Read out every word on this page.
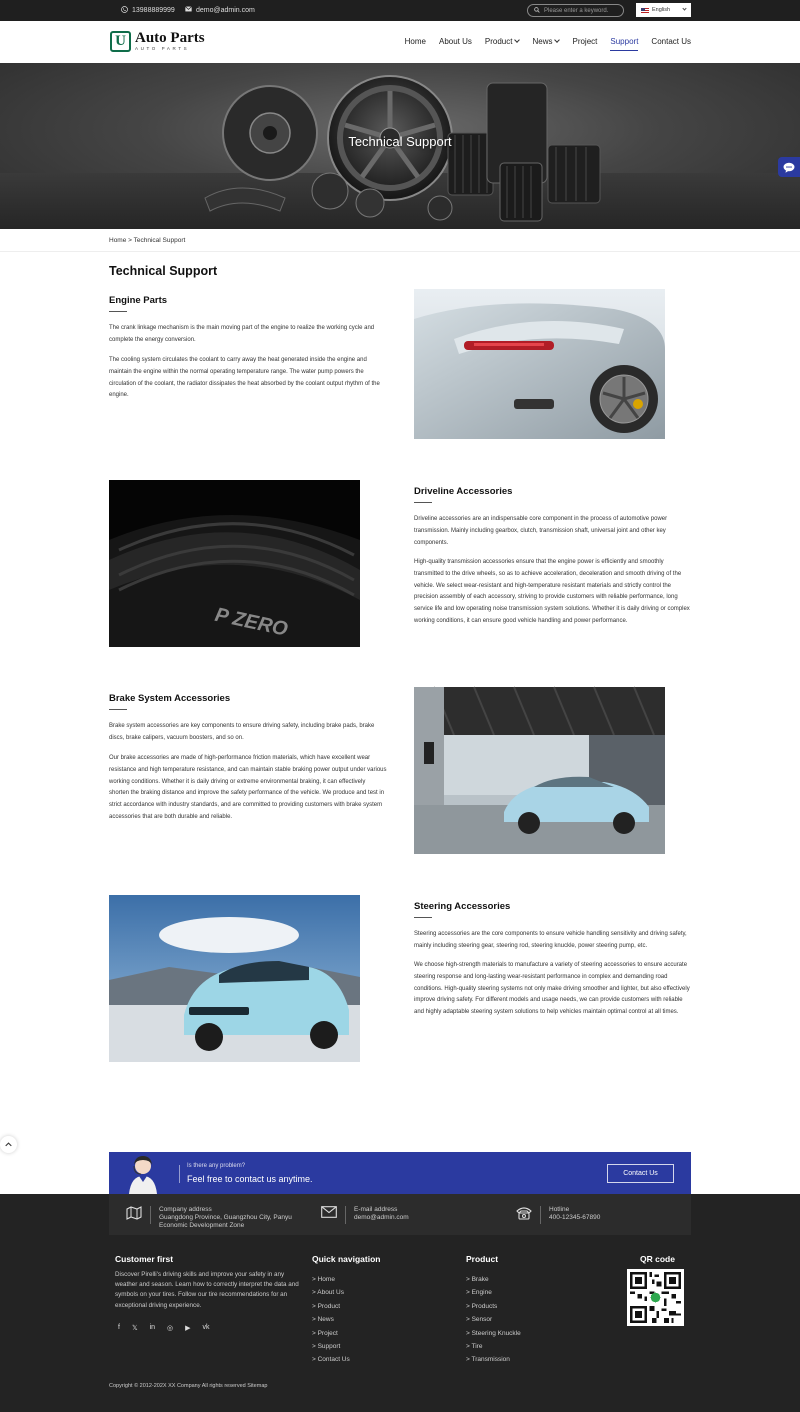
13988889999	demo@admin.com	Please enter a keyword.	English
U Auto Parts
AUTO PARTS
Home About Us Product	News	Project Support Contact Us
Technical Support
Home > Technical Support
Technical Support
Engine Parts
The crank linkage mechanism is the main moving part of the engine to realize the working cycle and complete the energy conversion.
The cooling system circulates the coolant to carry away the heat generated inside the engine and maintain the engine within the normal operating temperature range. The water pump powers the circulation of the coolant, the radiator dissipates the heat absorbed by the coolant output rhythm of the engine.
P ZERO
Driveline Accessories
Driveline accessories are an indispensable core component in the process of automotive power transmission. Mainly including gearbox, clutch, transmission shaft, universal joint and other key components.
High-quality transmission accessories ensure that the engine power is efficiently and smoothly transmitted to the drive wheels, so as to achieve acceleration, deceleration and smooth driving of the vehicle. We select wear-resistant and high-temperature resistant materials and strictly control the precision assembly of each accessory, striving to provide customers with reliable performance, long service life and low operating noise transmission system solutions. Whether it is daily driving or complex working conditions, it can ensure good vehicle handling and power performance.
Brake System Accessories
Brake system accessories are key components to ensure driving safety, including brake pads, brake discs, brake calipers, vacuum boosters, and so on.
Our brake accessories are made of high-performance friction materials, which have excellent wear resistance and high temperature resistance, and can maintain stable braking power output under various working conditions. Whether it is daily driving or extreme environmental braking, it can effectively shorten the braking distance and improve the safety performance of the vehicle. We produce and test in strict accordance with industry standards, and are committed to providing customers with brake system accessories that are both durable and reliable.
Steering Accessories
Steering accessories are the core components to ensure vehicle handling sensitivity and driving safety, mainly including steering gear, steering rod, steering knuckle, power steering pump, etc.
We choose high-strength materials to manufacture a variety of steering accessories to ensure accurate steering response and long-lasting wear-resistant performance in complex and demanding road conditions. High-quality steering systems not only make driving smoother and lighter, but also effectively improve driving safety. For different models and usage needs, we can provide customers with reliable and highly adaptable steering system solutions to help vehicles maintain optimal control at all times.
Is there any problem?
Feel free to contact us anytime.
Contact Us
Company address
Guangdong Province, Guangzhou City, Panyu Economic Development Zone
E-mail address
demo@admin.com
Hotline
400-12345-67890
Customer first
Discover Pirelli's driving skills and improve your safety in any weather and season. Learn how to correctly interpret the data and symbols on your tires. Follow our tire recommendations for an exceptional driving experience.
f 𝕏 in ◎ ▶ vk
Quick navigation
> Home
> About Us
> Product
> News
> Project
> Support
> Contact Us
Product
> Brake
> Engine
> Products
> Sensor
> Steering Knuckle
> Tire
> Transmission
QR code
Copyright © 2012-202X XX Company All rights reserved Sitemap
